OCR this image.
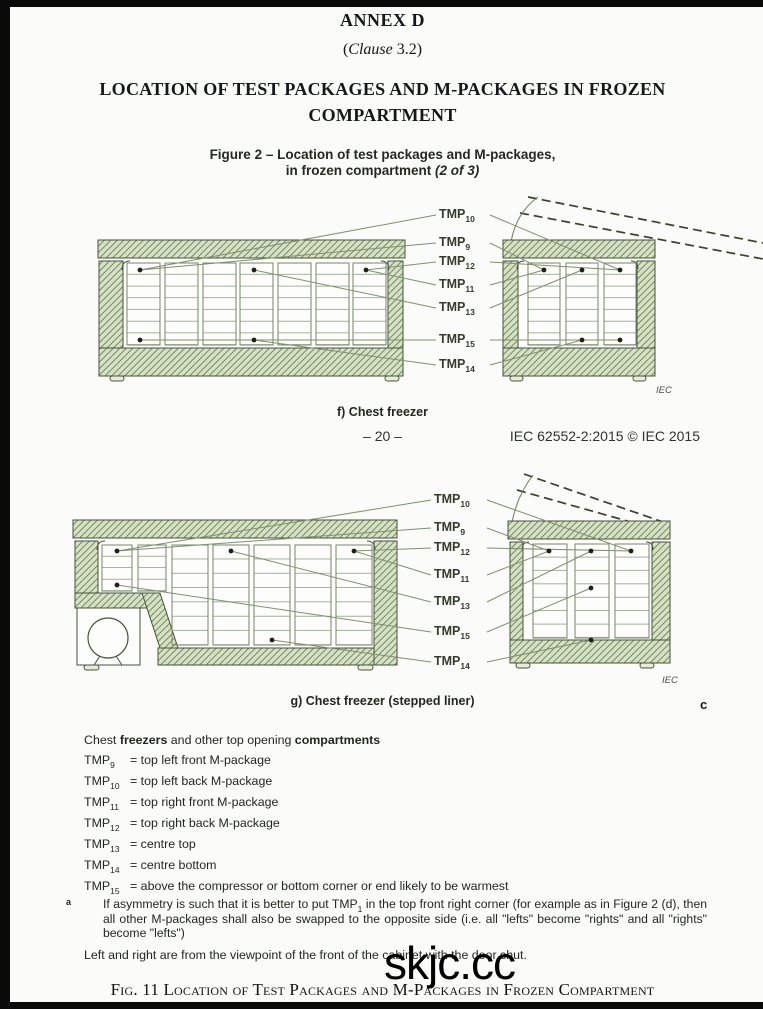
ANNEX D
(Clause 3.2)
LOCATION OF TEST PACKAGES AND M-PACKAGES IN FROZEN
COMPARTMENT
Figure 2 – Location of test packages and M-packages,
in frozen compartment (2 of 3)
$TMP_{10}$
$TMP_9$
$TMP_{12}$
$TMP_{11}$
$TMP_{13}$
$TMP_{15}$
$TMP_{14}$
IEC
f) Chest freezer
– 20 –	IEC 62552-2:2015 © IEC 2015
$TMP_{10}$
$TMP_9$
$TMP_{12}$
$TMP_{11}$
$TMP_{13}$
$TMP_{15}$
$TMP_{14}$
IEC
g) Chest freezer (stepped liner)	c
Chest freezers and other top opening compartments
$TMP_9$ = top left front M-package
$TMP_{10}$ = top left back M-package
$TMP_{11}$ = top right front M-package
$TMP_{12}$ = top right back M-package
$TMP_{13}$ = centre top
$TMP_{14}$ = centre bottom
$TMP_{15}$ = above the compressor or bottom corner or end likely to be warmest
a	If asymmetry is such that it is better to put $TMP_1$ in the top front right corner (for example as in Figure 2 (d), then all other M-packages shall also be swapped to the opposite side (i.e. all "lefts" become "rights" and all "rights" become "lefts")
Left and right are from the viewpoint of the front of the cabinet with the door shut.
skjc.cc
Fig. 11 Location of Test Packages and M-Packages in Frozen Compartment
